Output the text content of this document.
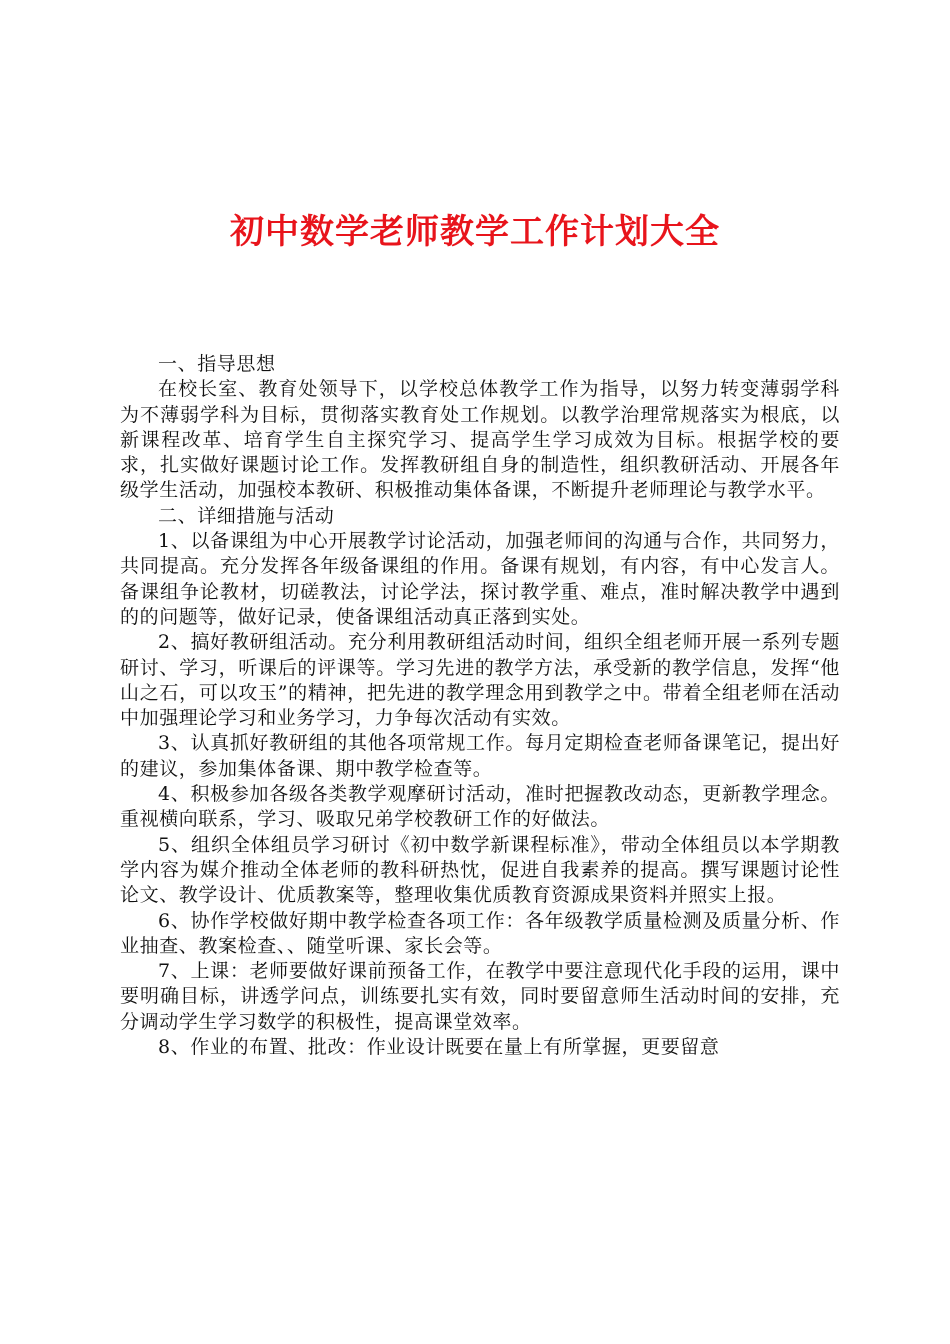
初中数学老师教学工作计划大全

一、指导思想

在校长室、教育处领导下，以学校总体教学工作为指导，以努力转变薄弱学科为不薄弱学科为目标，贯彻落实教育处工作规划。以教学治理常规落实为根底，以新课程改革、培育学生自主探究学习、提高学生学习成效为目标。根据学校的要求，扎实做好课题讨论工作。发挥教研组自身的制造性，组织教研活动、开展各年级学生活动，加强校本教研、积极推动集体备课，不断提升老师理论与教学水平。

二、详细措施与活动

1、以备课组为中心开展教学讨论活动，加强老师间的沟通与合作，共同努力，共同提高。充分发挥各年级备课组的作用。备课有规划，有内容，有中心发言人。备课组争论教材，切磋教法，讨论学法，探讨教学重、难点，准时解决教学中遇到的的问题等，做好记录，使备课组活动真正落到实处。

2、搞好教研组活动。充分利用教研组活动时间，组织全组老师开展一系列专题研讨、学习，听课后的评课等。学习先进的教学方法，承受新的教学信息，发挥“他山之石，可以攻玉”的精神，把先进的教学理念用到教学之中。带着全组老师在活动中加强理论学习和业务学习，力争每次活动有实效。

3、认真抓好教研组的其他各项常规工作。每月定期检查老师备课笔记，提出好的建议，参加集体备课、期中教学检查等。

4、积极参加各级各类教学观摩研讨活动，准时把握教改动态，更新教学理念。重视横向联系，学习、吸取兄弟学校教研工作的好做法。

5、组织全体组员学习研讨《初中数学新课程标准》，带动全体组员以本学期教学内容为媒介推动全体老师的教科研热忱，促进自我素养的提高。撰写课题讨论性论文、教学设计、优质教案等，整理收集优质教育资源成果资料并照实上报。

6、协作学校做好期中教学检查各项工作：各年级教学质量检测及质量分析、作业抽查、教案检查、、随堂听课、家长会等。

7、上课：老师要做好课前预备工作，在教学中要注意现代化手段的运用，课中要明确目标，讲透学问点，训练要扎实有效，同时要留意师生活动时间的安排，充分调动学生学习数学的积极性，提高课堂效率。

8、作业的布置、批改：作业设计既要在量上有所掌握，更要留意
